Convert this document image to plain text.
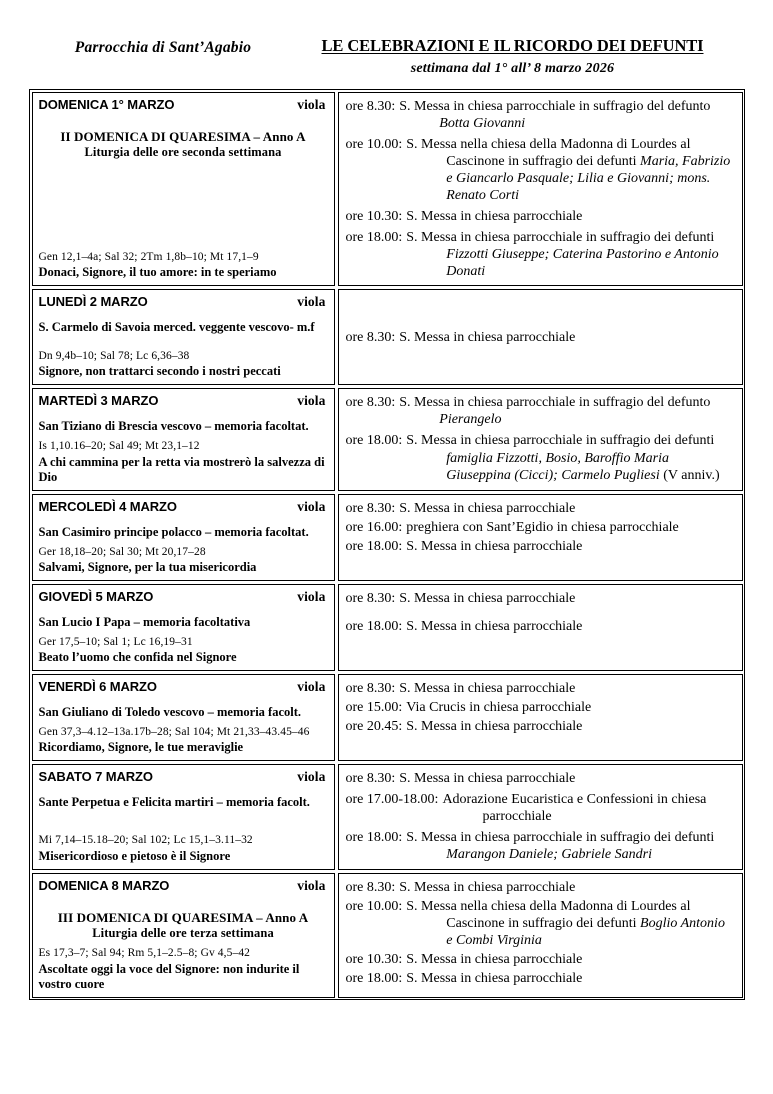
Parrocchia di Sant’Agabio	LE CELEBRAZIONI E IL RICORDO DEI DEFUNTI
settimana dal 1° all’ 8 marzo 2026
DOMENICA 1° MARZO	viola
II DOMENICA DI QUARESIMA – Anno A
Liturgia delle ore seconda settimana
Gen 12,1–4a; Sal 32; 2Tm 1,8b–10; Mt 17,1–9
Donaci, Signore, il tuo amore: in te speriamo
ore 8.30: S. Messa in chiesa parrocchiale in suffragio del defunto Botta Giovanni
ore 10.00: S. Messa nella chiesa della Madonna di Lourdes al Cascinone in suffragio dei defunti Maria, Fabrizio e Giancarlo Pasquale; Lilia e Giovanni; mons. Renato Corti
ore 10.30: S. Messa in chiesa parrocchiale
ore 18.00: S. Messa in chiesa parrocchiale in suffragio dei defunti Fizzotti Giuseppe; Caterina Pastorino e Antonio Donati
LUNEDÌ 2 MARZO	viola
S. Carmelo di Savoia merced. veggente vescovo- m.f
Dn 9,4b–10; Sal 78; Lc 6,36–38
Signore, non trattarci secondo i nostri peccati
ore 8.30: S. Messa in chiesa parrocchiale
MARTEDÌ 3 MARZO	viola
San Tiziano di Brescia vescovo – memoria facoltat.
Is 1,10.16–20; Sal 49; Mt 23,1–12
A chi cammina per la retta via mostrerò la salvezza di Dio
ore 8.30: S. Messa in chiesa parrocchiale in suffragio del defunto Pierangelo
ore 18.00: S. Messa in chiesa parrocchiale in suffragio dei defunti famiglia Fizzotti, Bosio, Baroffio Maria Giuseppina (Cicci); Carmelo Pugliesi (V anniv.)
MERCOLEDÌ 4 MARZO	viola
San Casimiro principe polacco – memoria facoltat.
Ger 18,18–20; Sal 30; Mt 20,17–28
Salvami, Signore, per la tua misericordia
ore 8.30: S. Messa in chiesa parrocchiale
ore 16.00: preghiera con Sant’Egidio in chiesa parrocchiale
ore 18.00: S. Messa in chiesa parrocchiale
GIOVEDÌ 5 MARZO	viola
San Lucio I Papa – memoria facoltativa
Ger 17,5–10; Sal 1; Lc 16,19–31
Beato l’uomo che confida nel Signore
ore 8.30: S. Messa in chiesa parrocchiale
ore 18.00: S. Messa in chiesa parrocchiale
VENERDÌ 6 MARZO	viola
San Giuliano di Toledo vescovo – memoria facolt.
Gen 37,3–4.12–13a.17b–28; Sal 104; Mt 21,33–43.45–46
Ricordiamo, Signore, le tue meraviglie
ore 8.30: S. Messa in chiesa parrocchiale
ore 15.00: Via Crucis in chiesa parrocchiale
ore 20.45: S. Messa in chiesa parrocchiale
SABATO 7 MARZO	viola
Sante Perpetua e Felicita martiri – memoria facolt.
Mi 7,14–15.18–20; Sal 102; Lc 15,1–3.11–32
Misericordioso e pietoso è il Signore
ore 8.30: S. Messa in chiesa parrocchiale
ore 17.00-18.00: Adorazione Eucaristica e Confessioni in chiesa parrocchiale
ore 18.00: S. Messa in chiesa parrocchiale in suffragio dei defunti Marangon Daniele; Gabriele Sandri
DOMENICA 8 MARZO	viola
III DOMENICA DI QUARESIMA – Anno A
Liturgia delle ore terza settimana
Es 17,3–7; Sal 94; Rm 5,1–2.5–8; Gv 4,5–42
Ascoltate oggi la voce del Signore: non indurite il vostro cuore
ore 8.30: S. Messa in chiesa parrocchiale
ore 10.00: S. Messa nella chiesa della Madonna di Lourdes al Cascinone in suffragio dei defunti Boglio Antonio e Combi Virginia
ore 10.30: S. Messa in chiesa parrocchiale
ore 18.00: S. Messa in chiesa parrocchiale
